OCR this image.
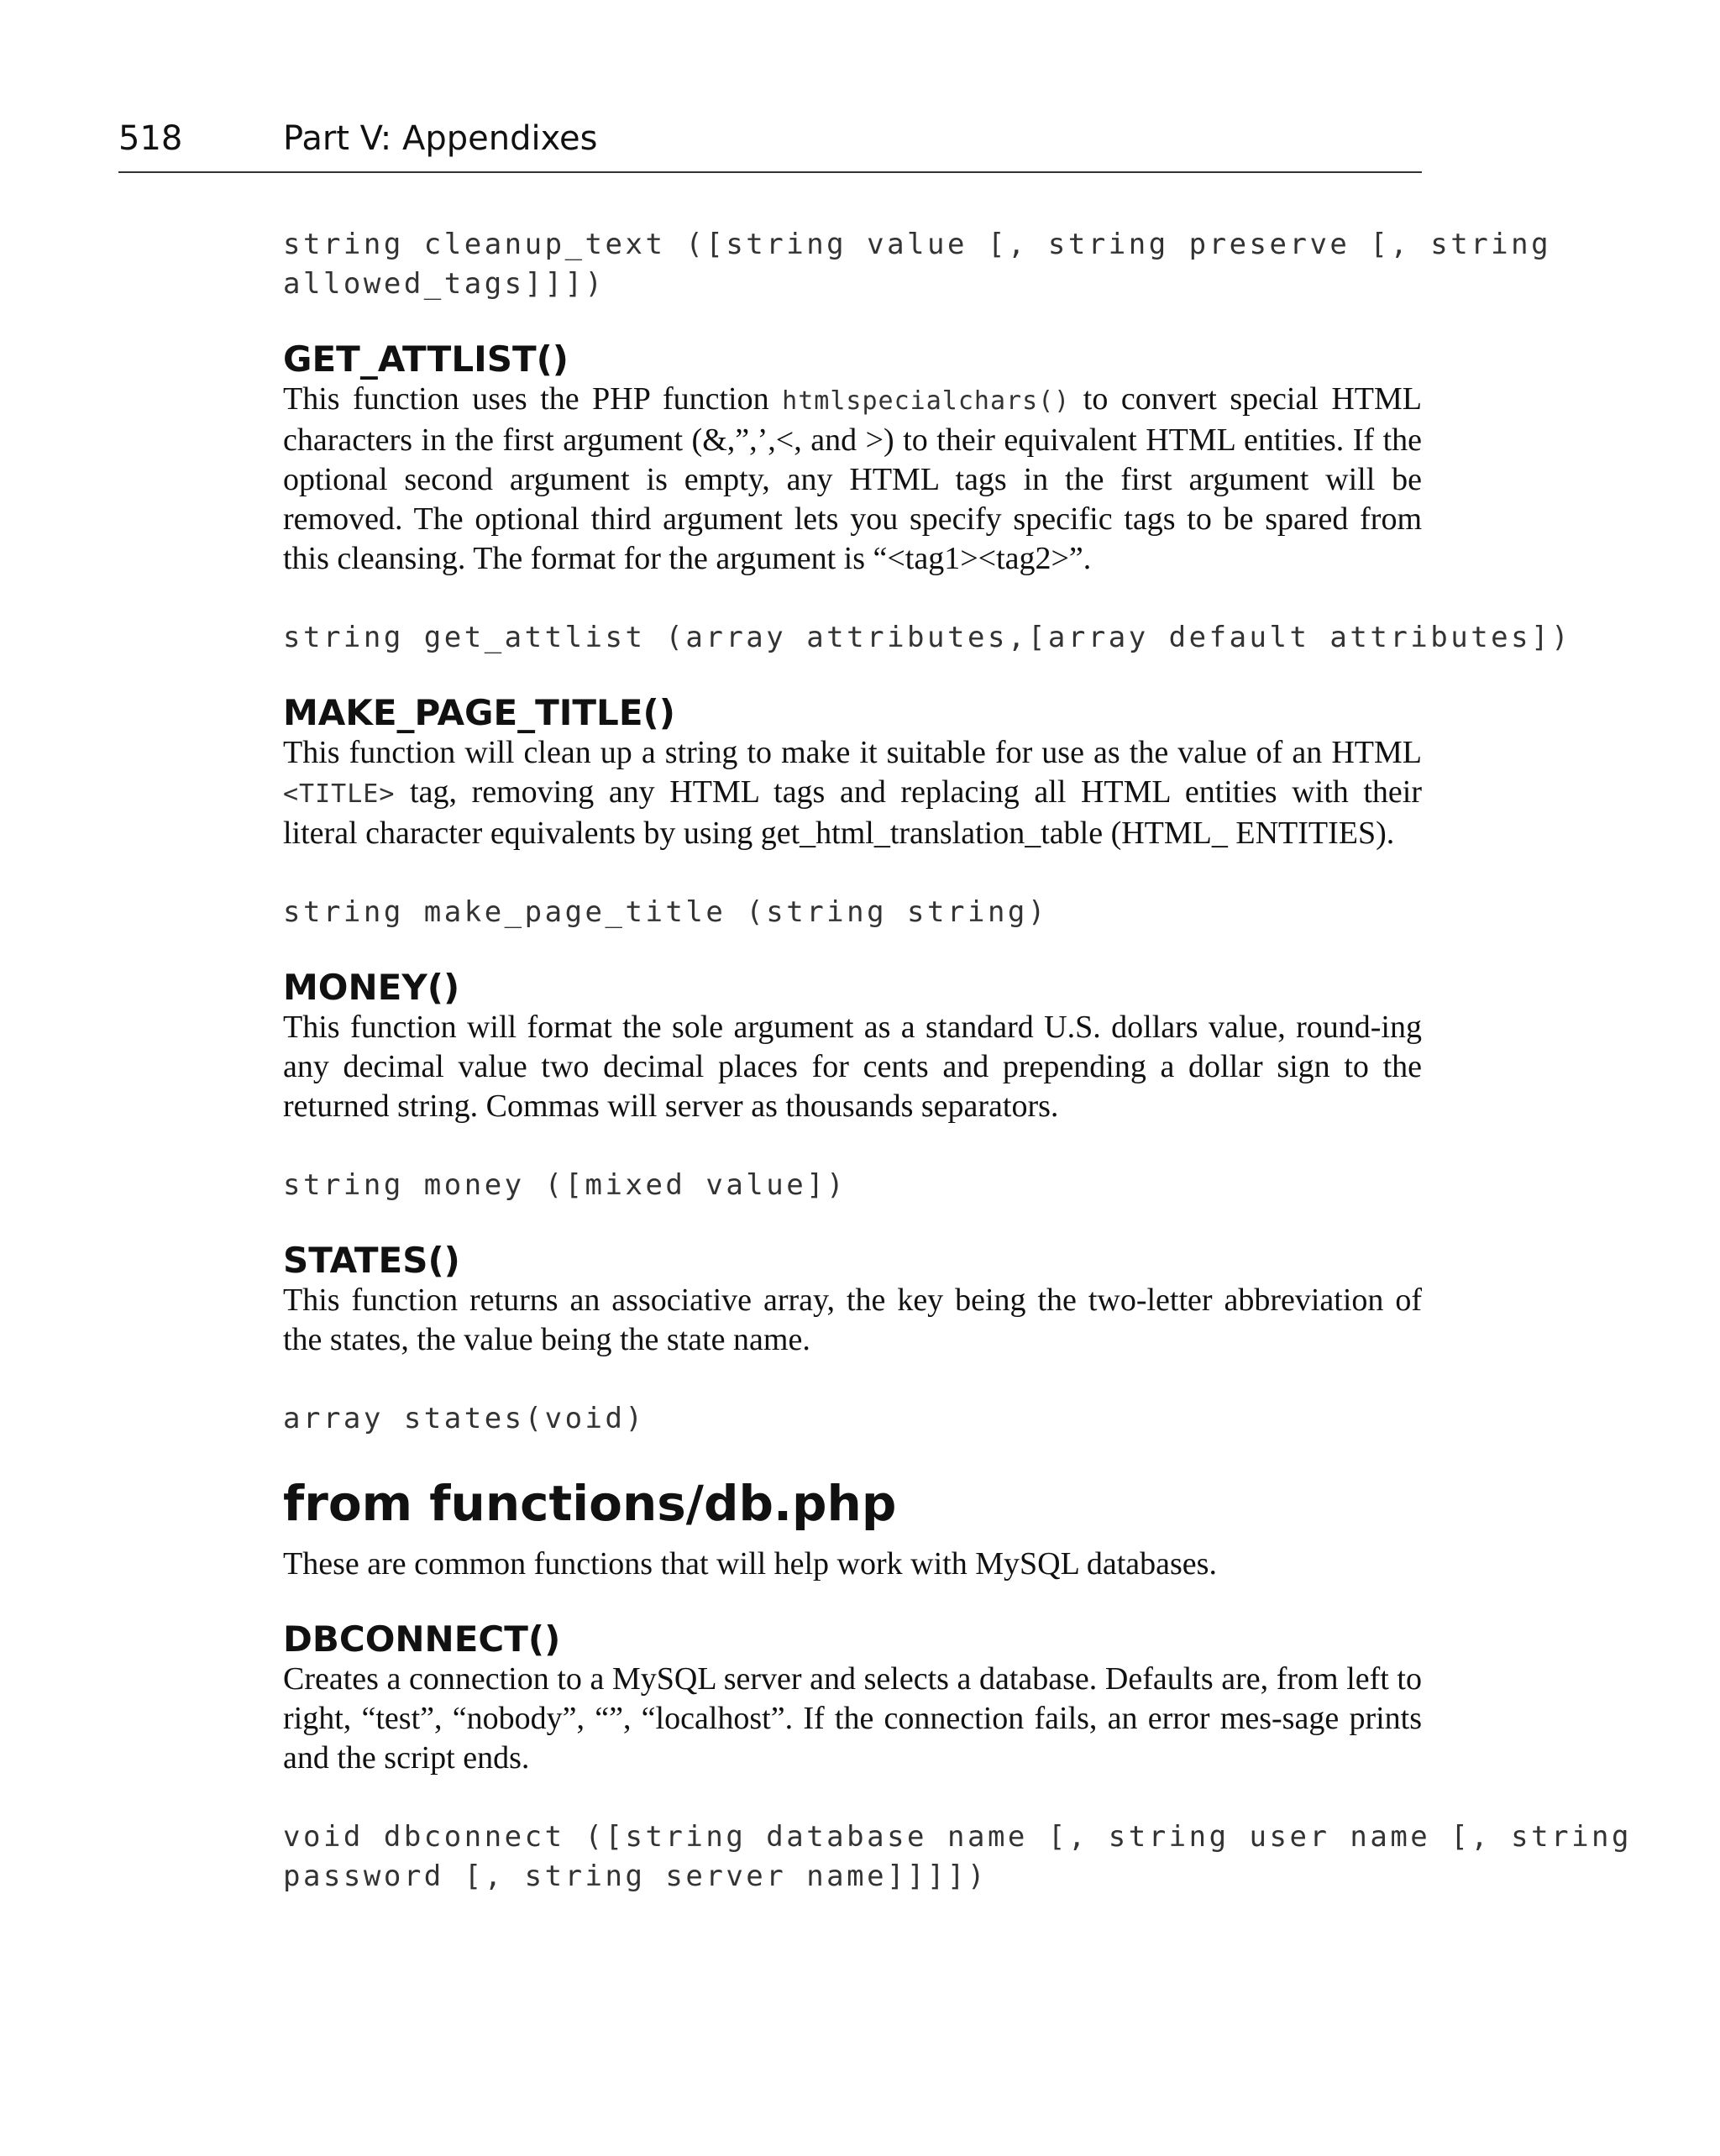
518	Part V: Appendixes

string cleanup_text ([string value [, string preserve [, string

allowed_tags]]])

GET_ATTLIST()

This function uses the PHP function htmlspecialchars() to convert special HTML characters in the first argument (&,”,’,<, and >) to their equivalent HTML entities. If the optional second argument is empty, any HTML tags in the first argument will be removed. The optional third argument lets you specify specific tags to be spared from this cleansing. The format for the argument is “<tag1><tag2>”.

string get_attlist (array attributes,[array default attributes])

MAKE_PAGE_TITLE()

This function will clean up a string to make it suitable for use as the value of an HTML <TITLE> tag, removing any HTML tags and replacing all HTML entities with their literal character equivalents by using get_html_translation_table (HTML_ ENTITIES).

string make_page_title (string string)

MONEY()

This function will format the sole argument as a standard U.S. dollars value, round-ing any decimal value two decimal places for cents and prepending a dollar sign to the returned string. Commas will server as thousands separators.

string money ([mixed value])

STATES()

This function returns an associative array, the key being the two-letter abbreviation of the states, the value being the state name.

array states(void)

from functions/db.php

These are common functions that will help work with MySQL databases.

DBCONNECT()

Creates a connection to a MySQL server and selects a database. Defaults are, from left to right, “test”, “nobody”, “”, “localhost”. If the connection fails, an error mes-sage prints and the script ends.

void dbconnect ([string database name [, string user name [, string

password [, string server name]]]])
